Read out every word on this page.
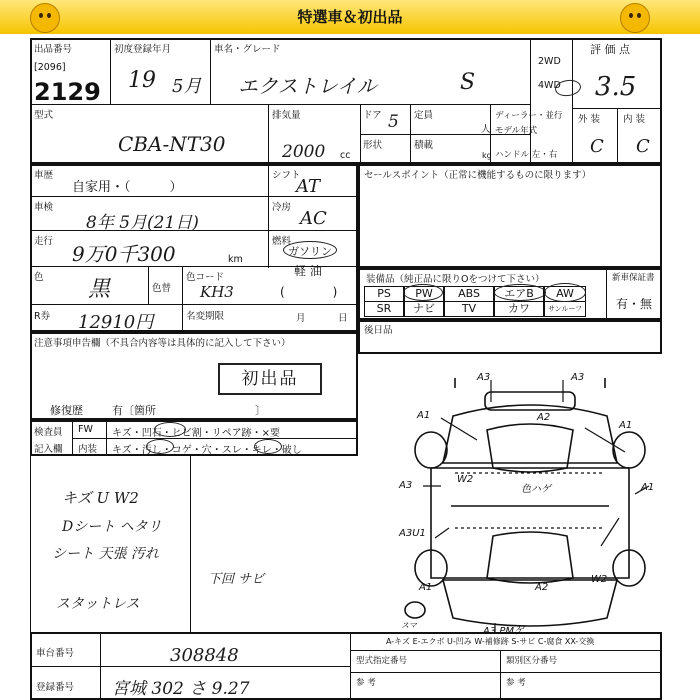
特選車＆初出品
出品番号
[2096]
2129
初度登録年月
19 5月
車名・グレード
エクストレイル	S
2WD
4WD
評 価 点
3.5
型式
CBA-NT30
排気量
2000 cc
ドア 5 定員
人
形状	積載
kg
ディーラー・並行
モデル年式
ハンドル 左・右
外 装 内 装
C C
セールスポイント（正常に機能するものに限ります）
車歴
自家用・（　　　）
シフト
AT
車検
8年 5月(21日)
冷房
AC
走行
9万0千300	km
燃料
ガソリン
軽 油
(　　　　)
色 黒	色替
色コード
KH3
R券 12910円	名変期限	月	日
装備品（純正品に限りOをつけて下さい）	新車保証書
有・無
PS	PW	ABS	エアB	AW
SR	ナビ	TV	カワ	サンルーフ
後日品
注意事項申告欄（不具合内容等は具体的に記入して下さい）
初出品
修復歴	有〔箇所　　　　　　　　　〕
検査員
記入欄
FW キズ・凹石・ヒビ割・リペア跡・×要
内装 キズ・汚し・コゲ・穴・スレ・キレ・破し
キズ U W2
Dシート ヘタリ
シート 天張 汚れ
スタットレス
下回 サビ
A3	A3
A1	A2
A1
A3
W2
色ハゲ	A1
A3U1
A1	A2
W2
スマ
A3 PMゲ
車台番号	308848
登録番号 宮城 302 さ 9.27
A-キズ E-エクボ U-凹み W-補修跡 S-サビ C-腐食 XX-交換
型式指定番号	類別区分番号
参 考	参 考
